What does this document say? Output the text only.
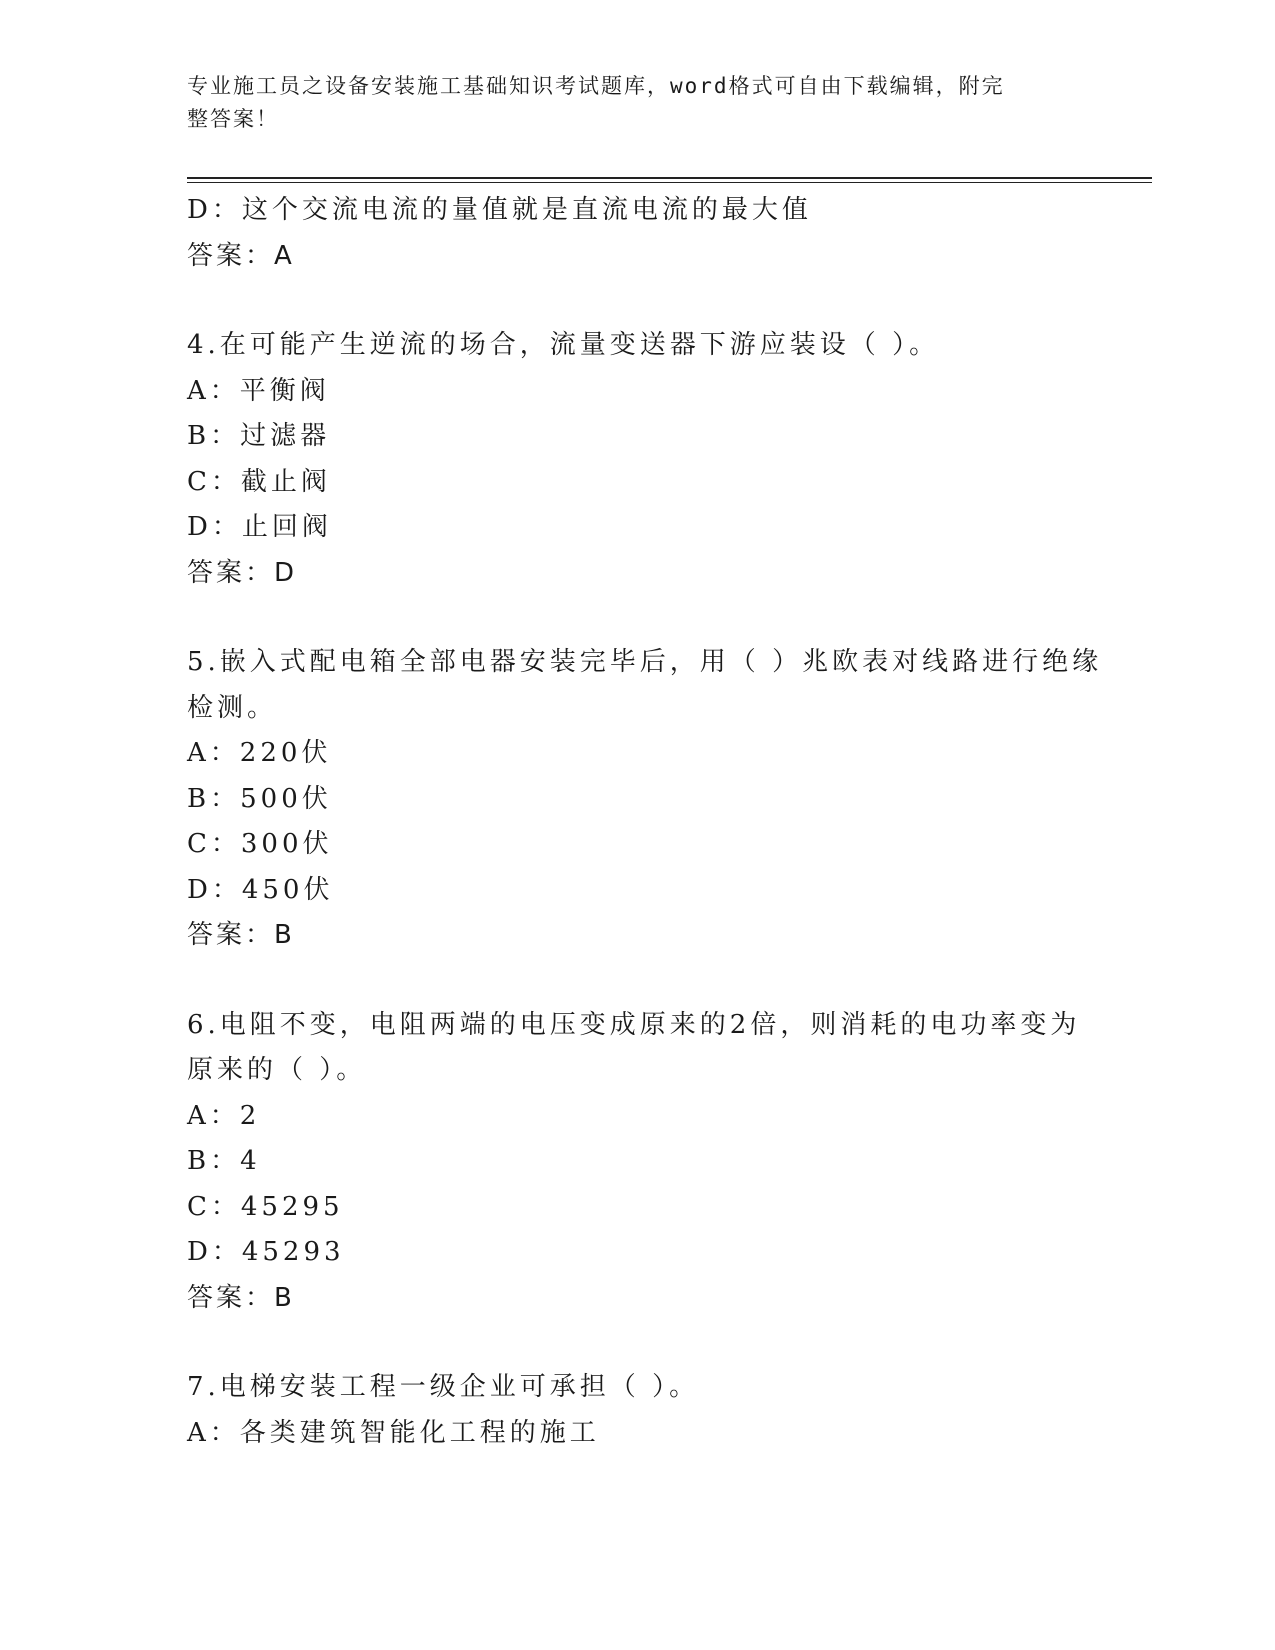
专业施工员之设备安装施工基础知识考试题库，word格式可自由下载编辑，附完
整答案！
D：这个交流电流的量值就是直流电流的最大值
答案：A
4.在可能产生逆流的场合，流量变送器下游应装设（ ）。
A：平衡阀
B：过滤器
C：截止阀
D：止回阀
答案：D
5.嵌入式配电箱全部电器安装完毕后，用（ ）兆欧表对线路进行绝缘
检测。
A：220伏
B：500伏
C：300伏
D：450伏
答案：B
6.电阻不变，电阻两端的电压变成原来的2倍，则消耗的电功率变为
原来的（ ）。
A：2
B：4
C：45295
D：45293
答案：B
7.电梯安装工程一级企业可承担（ ）。
A：各类建筑智能化工程的施工
